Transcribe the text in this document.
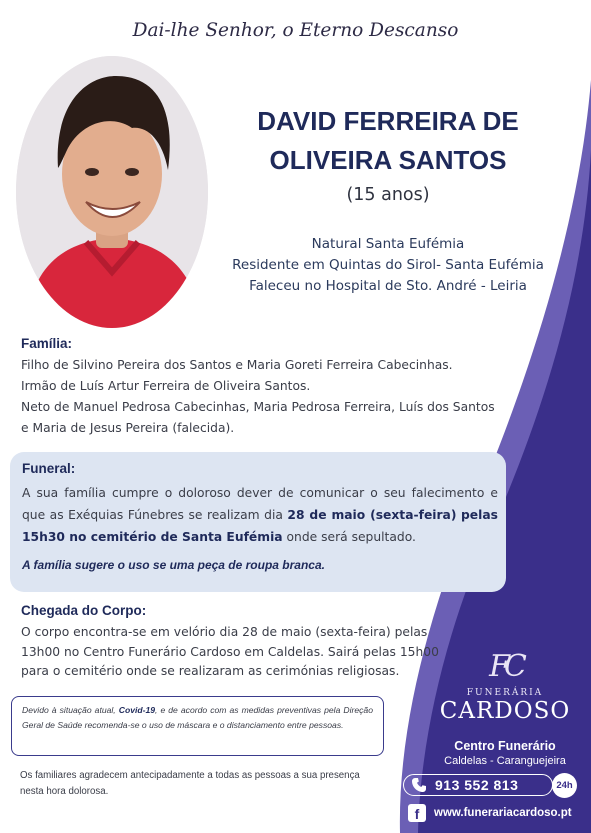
Dai-lhe Senhor, o Eterno Descanso
DAVID FERREIRA DE
OLIVEIRA SANTOS
(15 anos)
Natural Santa Eufémia
Residente em Quintas do Sirol- Santa Eufémia
Faleceu no Hospital de Sto. André - Leiria
Família:
Filho de Silvino Pereira dos Santos e Maria Goreti Ferreira Cabecinhas.
Irmão de Luís Artur Ferreira de Oliveira Santos.
Neto de Manuel Pedrosa Cabecinhas, Maria Pedrosa Ferreira, Luís dos Santos
e Maria de Jesus Pereira (falecida).
Funeral:
A sua família cumpre o doloroso dever de comunicar o seu falecimento e que as Exéquias Fúnebres se realizam dia 28 de maio (sexta-feira) pelas 15h30 no cemitério de Santa Eufémia onde será sepultado.
A família sugere o uso se uma peça de roupa branca.
Chegada do Corpo:
O corpo encontra-se em velório dia 28 de maio (sexta-feira) pelas 13h00 no Centro Funerário Cardoso em Caldelas. Sairá pelas 15h00 para o cemitério onde se realizaram as cerimónias religiosas.
Devido à situação atual, Covid-19, e de acordo com as medidas preventivas pela Direção Geral de Saúde recomenda-se o uso de máscara e o distanciamento entre pessoas.
Os familiares agradecem antecipadamente a todas as pessoas a sua presença nesta hora dolorosa.
FC
FUNERÁRIA
CARDOSO
Centro Funerário
Caldelas - Caranguejeira
913 552 813	24h
f	www.funerariacardoso.pt
